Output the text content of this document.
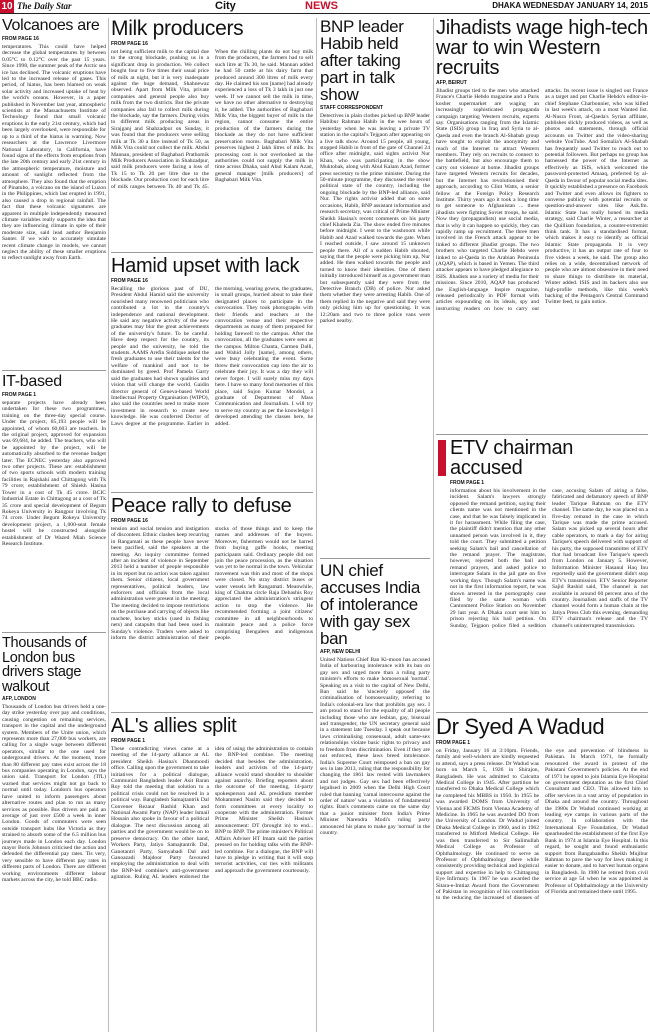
10 The Daily Star	City	NEWS	DHAKA WEDNESDAY JANUARY 14, 2015
Volcanoes are
FROM PAGE 16
temperatures. This could have helped decrease the global temperatures by between 0.05°C to 0.12°C over the past 15 years. Since 1998, the summer peak of the Arctic sea ice has declined. The volcanic eruptions have led to the increased release of gases. This period, of hiatus, has been blamed on weak solar activity and increased uptake of heat by the world's oceans. However, in a paper published in November last year, atmospheric scientists at the Massachusetts Institute of Technology found that small volcanic eruptions in the early 21st century, which had been largely overlooked, were responsible for up to a third of the hiatus in warming. Now researchers at the Lawrence Livermore National Laboratory, in California, have found signs of the effects from eruptions from the late 20th century and early 21st century in the atmospheric temperature, moisture and amount of sunlight reflected from the atmosphere. They also found that the eruption of Pinatubo, a volcano on the island of Luzon in the Philippines, which last erupted in 1991, also caused a drop in regional rainfall. The fact that these volcanic signatures are apparent in multiple independently measured climate variables really supports the idea that they are influencing climate in spite of their moderate size, said lead author Benjamin Santer. If we wish to accurately simulate recent climate change in models, we cannot neglect the ability of these smaller eruptions to reflect sunlight away from Earth.
IT-based
FROM PAGE 1
separate projects have already been undertaken for these two programmes, training on the three-day special course. Under the project, 85,193 people will be appointed, of whom 60,603 are teachers. In the original project, approved for expansion was 69,684, he added. The teachers, who will be appointed by the project, will be automatically absorbed to the revenue budget later. The ECNEC yesterday also approved two other projects. These are: establishment of two sports schools with modern training facilities in Rajshahi and Chittagong with Tk 79 crore; establishment of Shiekh Hasina Tower in a cost of Tk 45 crore. BCIC Industrial Estate in Chittagong at a cost of Tk 35 crore and special development of Begum Rokeya University in Rangpur involving Tk 74 crore. Under Begum Rokeya University development project, a 1,000-seat female hostel will be constructed alongside establishment of Dr Wazed Miah Science Research Institute.
Thousands of London bus drivers stage walkout
AFP, LONDON
Thousands of London bus drivers held a one-day strike yesterday over pay and conditions, causing congestion on remaining services, transport in the capital and the underground system. Members of the Unite union, which represents more than 27,000 bus workers, are calling for a single wage between different operators, similar to the one used for underground drivers. At the moment, more than 80 different pay rates exist across the 18 bus companies operating in London, says the union said. Transport for London (TfL) warned that services might not go back to normal until today. London's bus operators have united to inform passengers about alternative routes and plan to run as many services as possible. Bus drivers are paid an average of just over £500 a week in inner London. Goods of commuters were seen outside transport hubs like Victoria as they strained to absorb some of the 6.5 million bus journeys made in London each day. London mayor Boris Johnson criticised the action and defended the differential pay rates. Tis very, very sensible to have different pay rates in different parts of London. There are different working environments different labour markets across the city, he told BBC radio.
Milk producers
FROM PAGE 16
not being sufficient milk to the capital due to the strong blockade, pushing us in a significant drop in production. We collect bought four to five times their usual price of milk at night, but it is very inadequate against the huge demand, Shahnewaz observed. Apart from Milk Vita, private companies and general people also buy milk from the two districts. But the private companies also fail to collect milk during the blockade, say the farmers. During visits to different milk producing areas in Sirajganj and Shahzadpur on Sunday, it was found that the producers were selling milk at Tk 30 a litre instead of Tk 50, as Milk Vita could not collect the milk. Abdul Mannan, president of Baghabari Prathomik Milk Producers Association in Shahzadpur, said milk producers were facing a loss of Tk 15 to Tk 20 per litre due to the blockade. Our production cost for each litre of milk ranges between Tk 40 and Tk 45. When the chilling plants do not buy milk from the producers, the farmers had to sell such litre at Tk 30, he said. Mannan added he had 50 cattle at his dairy farm that produced around 300 litres of milk every day. He claimed his son [name] had already experienced a loss of Tk 3 lakh in just one week. If we cannot sell the milk in time, we have no other alternative to destroying it, he added. The authorities of Baghabari Milk Vita, the biggest buyer of milk in the region, cannot consume the entire production of the farmers during the blockade as they do not have sufficient preservation rooms. Baghabari Milk Vita preserves highest 2 lakh litres of milk. Its processing cost is not overlooked as the authorities could not supply the milk in time across Dhaka, said Abul Kalam Azad, general manager [milk producers] of Baghabari Milk Vita.
Hamid upset with lack
FROM PAGE 16
Recalling the glorious past of DU, President Abdul Hamid said the university nourished many renowned politicians who contributed a lot in the country's independence and national development. He said any negative activity of the new graduates may blur the great achievements of the university's future. To be careful. Have deep respect for the country, its people and the university, he told the students. AAMS Arefin Siddique asked the fresh graduates to use their talents for the welfare of mankind and not to be dominated by greed. Prof Pamela Garry said the graduates had shown qualities and vision that will change the world. Gaidin director general of Geneva-based World Intellectual Property Organisation (WIPO), also said the countries need to make more investment in research to create new knowledge. He was conferred Doctor of Laws degree at the programme. Earlier in the morning, wearing gowns, the graduates, in small groups, hurried about to take their designated places to participate in the convocation. They took photographs with their friends and teachers at the convocation venue and their respective departments as many of them prepared for holding farewell to the campus. After the convocation, all the graduates were seen at the campus. Milton Chanta, Carmen Dalli, and Wahid Jolly [name], among others, were busy celebrating the event. Some threw their convocation cap into the air to celebrate their joy. It was a day they will never forget. I will surely miss my days here. I have so many fond memories of this place, said Sujon Kumar Mondol, a graduate of Department of Mass Communication and Journalism. I will try to serve my country as per the knowledge I developed attending the classes here, he added.
Peace rally to defuse
FROM PAGE 16
tension and social tension and instigation of discontent. Ethnic clashes keep recurring in Rangamati as these people have never been pacified, said the speakers at the meeting. An inquiry committee formed after an incident of violence in September 2013 held a number of people responsible in its report but no action was taken against them. Senior citizens, local government representatives, political leaders, law enforcers and officials from the local administration were present in the meeting. The meeting decided to impose restrictions on the purchase and carrying of objects like machete, hockey sticks (used in fishing nets) and catapults that had been used in Sunday's violence. Traders were asked to inform the district administration of their stocks of those things and to keep the names and addresses of the buyers. Moreover, fishermen would not be barred from buying gaffe hooks, meeting participants said. Ordinary people did not join the peace procession, as the situation was yet to be normal in the town. Vehicular movement was thin and most of the shops were closed. No stray district buses or water vessels left Rangamati. Meanwhile, king of Chakma circle Raja Debashis Roy appreciated the administration's stringent action to stop the violence. He recommended forming a joint citizens' committee in all neighbourhoods to maintain peace and a police force comprising Bengalees and indigenous people.
AL's allies split
FROM PAGE 1
These contradicting views came at a meeting of the 14-party alliance at AL president Sheikh Hasina's Dhanmondi office. Calling upon the government to take initiatives for a political dialogue, Communist Bangladesh leader Asit Baran Roy told the meeting that solution to a political crisis could not be resolved in a political way. Bangladesh Samajtantrik Dal Convener Rezaur Rashid Khan and National Awami Party (NAP) leader Ismail Hossain also spoke in favour of a political dialogue. The next discussion among all parties and the government would be on to preserve democracy. On the other hand, Workers Party, Jatiyo Samajtantrik Dal, Ganotantri Party, Samyabadi Dal and Ganoazadi Majdoor Party favoured employing the administration to deal with the BNP-led combine's anti-government agitation. Ruling AL leaders endorsed the idea of using the administration to contain the BNP-led combine. The meeting decided that besides the administration, leaders and activists of the 14-party alliance would stand shoulder to shoulder against anarchy. Briefing reporters about the outcome of the meeting, 14-party spokesperson and AL presidium member Mohammed Nasim said they decided to form committees at every locality to cooperate with the administration. Former Prime Minister Sheikh Hasina's announcement: DT (brought in) to end... BNP to BNP. The prime minister's Political Affairs Adviser HT Imam said the parties pressed on for holding talks with the BNP-led combine. For a dialogue, the BNP will have to pledge in writing that it will stop terrorist activities, cut ties with militants and approach the government courteously.
BNP leader Habib held after taking part in talk show
STAFF CORRESPONDENT
Detectives in plain clothes picked up BNP leader Habibur Rahman Habib in the wee hours of yesterday when he was leaving a private TV station in the capital's Tejgaon after appearing on a live talk show. Around 15 people, all young, stopped Habib in front of the gate of Channel 24 office after midnight, said sights activist Nur Khan, who was participating in the show Muktobak, along with Abul Kalam Azad, former press secretary to the prime minister. During the 50-minute programme, they discussed the recent political state of the country, including the ongoing blockade by the BNP-led alliance, said Nur. The rights activist added that on some occasions, Habib, BNP assistant information and research secretary, was critical of Prime Minister Sheikh Hasina's recent comments on his party chief Khaleda Zia. The show ended five minutes before midnight. I went to the washroom while Habib and Azad walked towards the gate. When I reached outside, I saw around 15 unknown people there. All of a sudden Habib shouted, saying that the people were picking him up, Nur added. He then walked towards the people and turned to know their identities. One of them initially introduced himself as a government man but subsequently said they were from the Detective Branch (DB) of police. Nur asked them whether they were arresting Habib. One of them replied in the negative and said they were only picking him up for questioning. It was 12:20am and two to three police vans were parked nearby.
UN chief accuses India of intolerance with gay sex ban
AFP, NEW DELHI
United Nations Chief Ban Ki-moon has accused India of harbouring intolerance with its ban on gay sex and urged more than a ruling party minister's efforts to make homosexual 'normal'. Speaking on a visit to the capital of New Delhi, Ban said he 'sincerely opposed' the criminalisation of homosexuality, referring to India's colonial-era law that prohibits gay sex. I am proud to stand for the equality of all people including those who are lesbian, gay, bisexual and transgender, the UN secretary general said in a statement late Tuesday. I speak out because laws criminalising consensual, adult same-sex relationships violate basic rights to privacy and to freedom from discrimination. Even if they are not enforced, these laws breed intolerance. India's Supreme Court reimposed a ban on gay sex in late 2013, ruling that the responsibility for changing the 1861 law rested with lawmakers and not judges. Gay sex had been effectively legalised in 2009 when the Delhi High Court ruled that banning 'carnal intercourse against the order of nature' was a violation of fundamental rights. Ban's comments came on the same day that a junior minister from India's Prime Minister Narendra Modi's ruling party announced his plans to make gay 'normal' in the country.
Jihadists wage high-tech war to win Western recruits
AFP, BEIRUT
Jihadist groups tied to the men who attacked France's Charlie Hebdo magazine and a Paris kosher supermarket are waging an increasingly sophisticated propaganda campaign targeting Western recruits, experts say. Organisations ranging from the Islamic State (ISIS) group in Iraq and Syria to al-Qaeda and even the branch Al-Shabab group have sought to exploit the anonymity and reach of the Internet to attract Western members. They rely on recruits to connect to the battlefield, but also encourage them to carry out violence at home. Jihadist groups have targeted Western recruits for decades, but the Internet has revolutionised their approach, according to Clint Watts, a senior fellow at the Foreign Policy Research Institute. Thirty years ago it took a long time to get someone to Afghanistan ... these jihadists were fighting Soviet troops, he said. Now they (propagandists) use social media, that is why it can happen so quickly, they can rapidly ramp up recruitment. The three men involved in the French attack appear to be linked to different jihadist groups. The two brothers who targeted Charlie Hebdo were linked to al-Qaeda in the Arabian Peninsula (AQAP), which is based in Yemen. The third attacker appears to have pledged allegiance to ISIS. Jihadists use a variety of media for their missions. Since 2010, AQAP has produced the English-language Inspire magazine, released periodically in PDF format with articles expounding on its ideals, spy and instructing readers on how to carry out attacks. Its recent issue is singled out France as a target and put Charlie Hebdo's editor-in-chief Stephane Charbonnier, who was killed in last week's attack, on a most Wanted list. Al-Nusra Front, al-Qaeda's Syrian affiliate, publishes slickly produced videos, as well as photos and statements, through official accounts on Twitter and the video-sharing website YouTube. And Somalia's Al-Shabab has frequently used Twitter to reach out to potential followers. But perhaps no group has harnessed the power of the Internet as effectively as ISIS, which welcomed the password-protected Amaaq, preferred by al-Qaeda in favour of popular social media sites. It quickly established a presence on Facebook and Twitter and even allows its fighters to converse publicly with potential recruits or question-and-answer sites like Ask.fm. Islamic State has really honed its media strategy, said Charlie Winter, a researcher at the Quilliam foundation, a counter-extremist think tank. It has a standardised format, which makes it easy to identify as official Islamic State propaganda. It is very productive, it has an output rate of four to five videos a week, he said. The group also relies on a wide, decentralised network of people who are almost obsessive in their need to share things to distribute its material, Winter added. ISIS and its backers also use high-profile methods, like this week's hacking of the Pentagon's Central Command Twitter feed, to gain notice.
ETV chairman accused
FROM PAGE 1
information about his involvement in the incident. Salam's lawyers strongly opposed the remand petition, saying their clients name was not mentioned in the case, and that he was falsely implicated in it for harassment. While filing the case, the plaintiff didn't mention that any other unnamed person was involved in it, they told the court. They submitted a petition seeking Salam's bail and cancellation of the remand prayer. The magistrate, however, rejected both the bail and remand prayers, and asked police to interrogate Salam in the jail gate on five working days. Though Salam's name was not in the first information report, he was shown arrested in the pornography case filed by the same woman with Cantonment Police Station on November 29 last year. A Dhaka court sent him to prison rejecting his bail petition. On Sunday, Tejgaon police filed a sedition case, accusing Salam of airing a false, fabricated and defamatory speech of BNP leader Tarique Rahman on the ETV channel. The same day, he was placed on a five-day remand in the case in which Tarique was made the prime accused. Salam was picked up several hours after cable operators, to mark a day for airing Tarique's speech delivered with support of his party, the supposed transmitter of ETV that had broadcast live Tarique's speech from London on January 5. However, Information Minister Hasanul Haq Inu reportedly said the government didn't stop ETV's transmission. ETV Senior Reporter Sajid Rashid said, The channel is not available in around 60 percent area of the country. Journalists and staffs of the TV channel would form a human chain at the Jatiya Press Club this evening, demanding ETV chairman's release and the TV channel's uninterrupted transmission.
Dr Syed A Wadud
FROM PAGE 1
on Friday, January 16 at 3:10pm. Friends, family and well-wishers are kindly requested to attend, says a press release. Dr Wadud was born on March 5, 1926 in Shirajon, Bangladesh. He was admitted to Calcutta Medical College in 1945. After partition he transferred to Dhaka Medical College which he completed his MBBS in 1950. In 1955 he was awarded DOMS from University of Vienna and FICMS from Vienna Academy of Medicine. In 1965 he was awarded DO from the University of London. Dr Wadud joined Dhaka Medical College in 1960, and in 1962 transferred to Mitford Medical College. He was then transferred to Sir Salimullah Medical College as Professor of Ophthalmology. He continued to serve as Professor of Ophthalmology there while consistently providing technical and logistical support and expertise in help to Chittagong Eye Infirmary. In 1967 he was awarded the Sitara-e-Imtiaz Award from the Government of Pakistan in recognition of his contribution to the reducing the increased of diseases of the eye and prevention of blindness in Pakistan. In March 1971, he formally renounced the award in protest of the Pakistani Government's policies. At the end of 1971 he opted to join Islamia Eye Hospital on government deputation as the first Chief Consultant and CEO. This allowed him to offer services in a vast array of population in Dhaka and around the country. Throughout the 1980s Dr Wadud continued working at leading eye camps in various parts of the country. In collaboration with the International Eye Foundation, Dr Wadud spearheaded the establishment of the first Eye Bank in 1974 at Islamia Eye Hospital. In this regard, he sought and found enthusiastic support from Bangabandhu Sheikh Mujibur Rahman to pave the way for laws making it easier to donate, and to harvest human organs in Bangladesh. In 1980 he retired from civil service at age 54 when he was appointed as Professor of Ophthalmology at the University of Florida and remained there until 1995.
